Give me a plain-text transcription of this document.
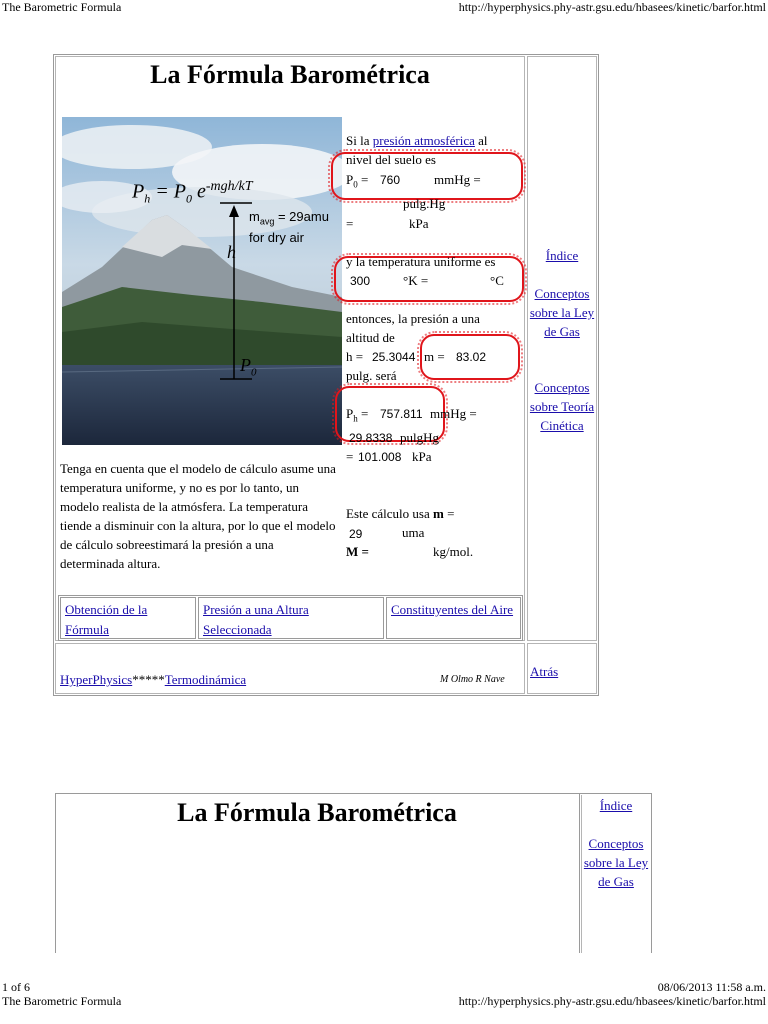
The Barometric Formula	http://hyperphysics.phy-astr.gsu.edu/hbasees/kinetic/barfor.html
La Fórmula Barométrica
$P_h = P_0$ $e^{-mgh/kT}$
$m_{avg} = 29amu$
for dry air
h
$P_0$
Si la presión atmosférica al
nivel del suelo es
$P_0 = 760$	mmHg =
pulg.Hg
=	kPa
y la temperatura uniforme es
300	°K =	°C
entonces, la presión a una
altitud de
h = 25.3044 m = 83.02
pulg. será
$P_h = 757.811$ mmHg =
29.8338 pulgHg
= 101.008 kPa
Este cálculo usa m =
29	uma
M =	kg/mol.
Tenga en cuenta que el modelo de cálculo asume una temperatura uniforme, y no es por lo tanto, un modelo realista de la atmósfera. La temperatura tiende a disminuir con la altura, por lo que el modelo de cálculo sobreestimará la presión a una determinada altura.
Obtención de la Fórmula
Presión a una Altura Seleccionada
Constituyentes del Aire
Índice
Conceptos sobre la Ley de Gas
Conceptos sobre Teoría Cinética
HyperPhysics*****Termodinámica	M Olmo R Nave
Atrás
La Fórmula Barométrica	Índice
Conceptos sobre la Ley de Gas
1 of 6	08/06/2013 11:58 a.m.
The Barometric Formula	http://hyperphysics.phy-astr.gsu.edu/hbasees/kinetic/barfor.html
